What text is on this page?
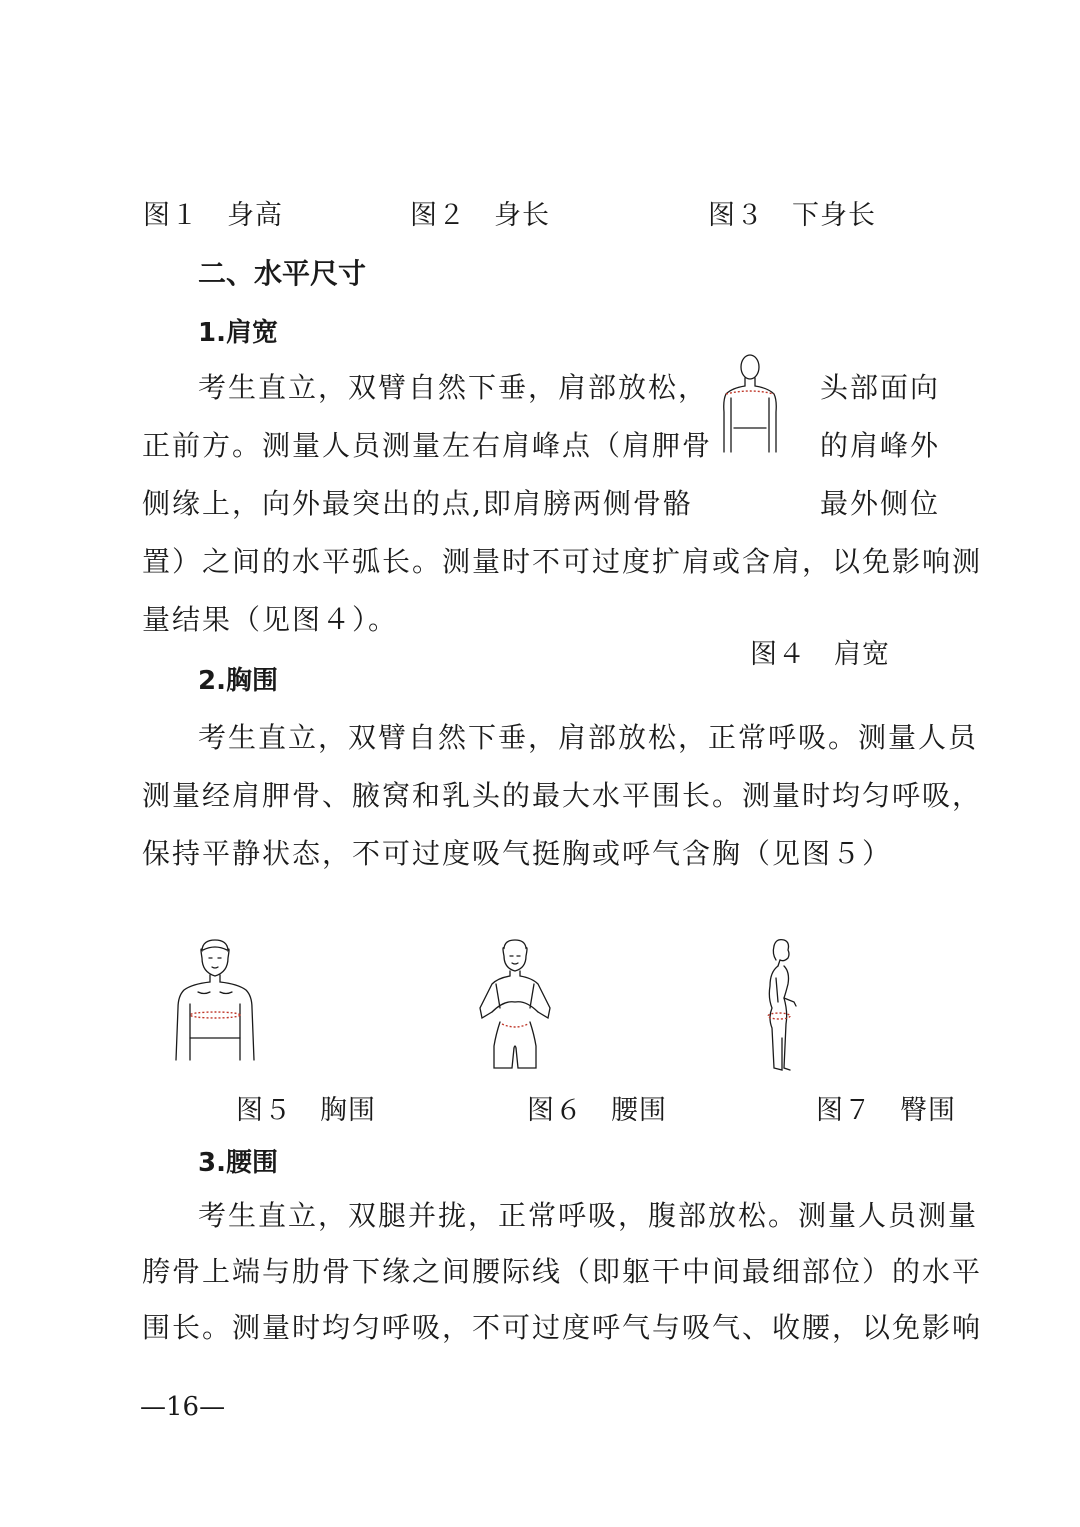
图１　身高	图２　身长	图３　下身长
二、水平尺寸
1.肩宽
考生直立，双臂自然下垂，肩部放松，	头部面向
正前方。测量人员测量左右肩峰点（肩胛骨	的肩峰外
侧缘上，向外最突出的点,即肩膀两侧骨骼	最外侧位
置）之间的水平弧长。测量时不可过度扩肩或含肩，以免影响测
量结果（见图４）。
图４　肩宽
2.胸围
考生直立，双臂自然下垂，肩部放松，正常呼吸。测量人员
测量经肩胛骨、腋窝和乳头的最大水平围长。测量时均匀呼吸，
保持平静状态，不可过度吸气挺胸或呼气含胸（见图５）
图５　胸围	图６　腰围	图７　臀围
3.腰围
考生直立，双腿并拢，正常呼吸，腹部放松。测量人员测量
胯骨上端与肋骨下缘之间腰际线（即躯干中间最细部位）的水平
围长。测量时均匀呼吸，不可过度呼气与吸气、收腰，以免影响
—16—
